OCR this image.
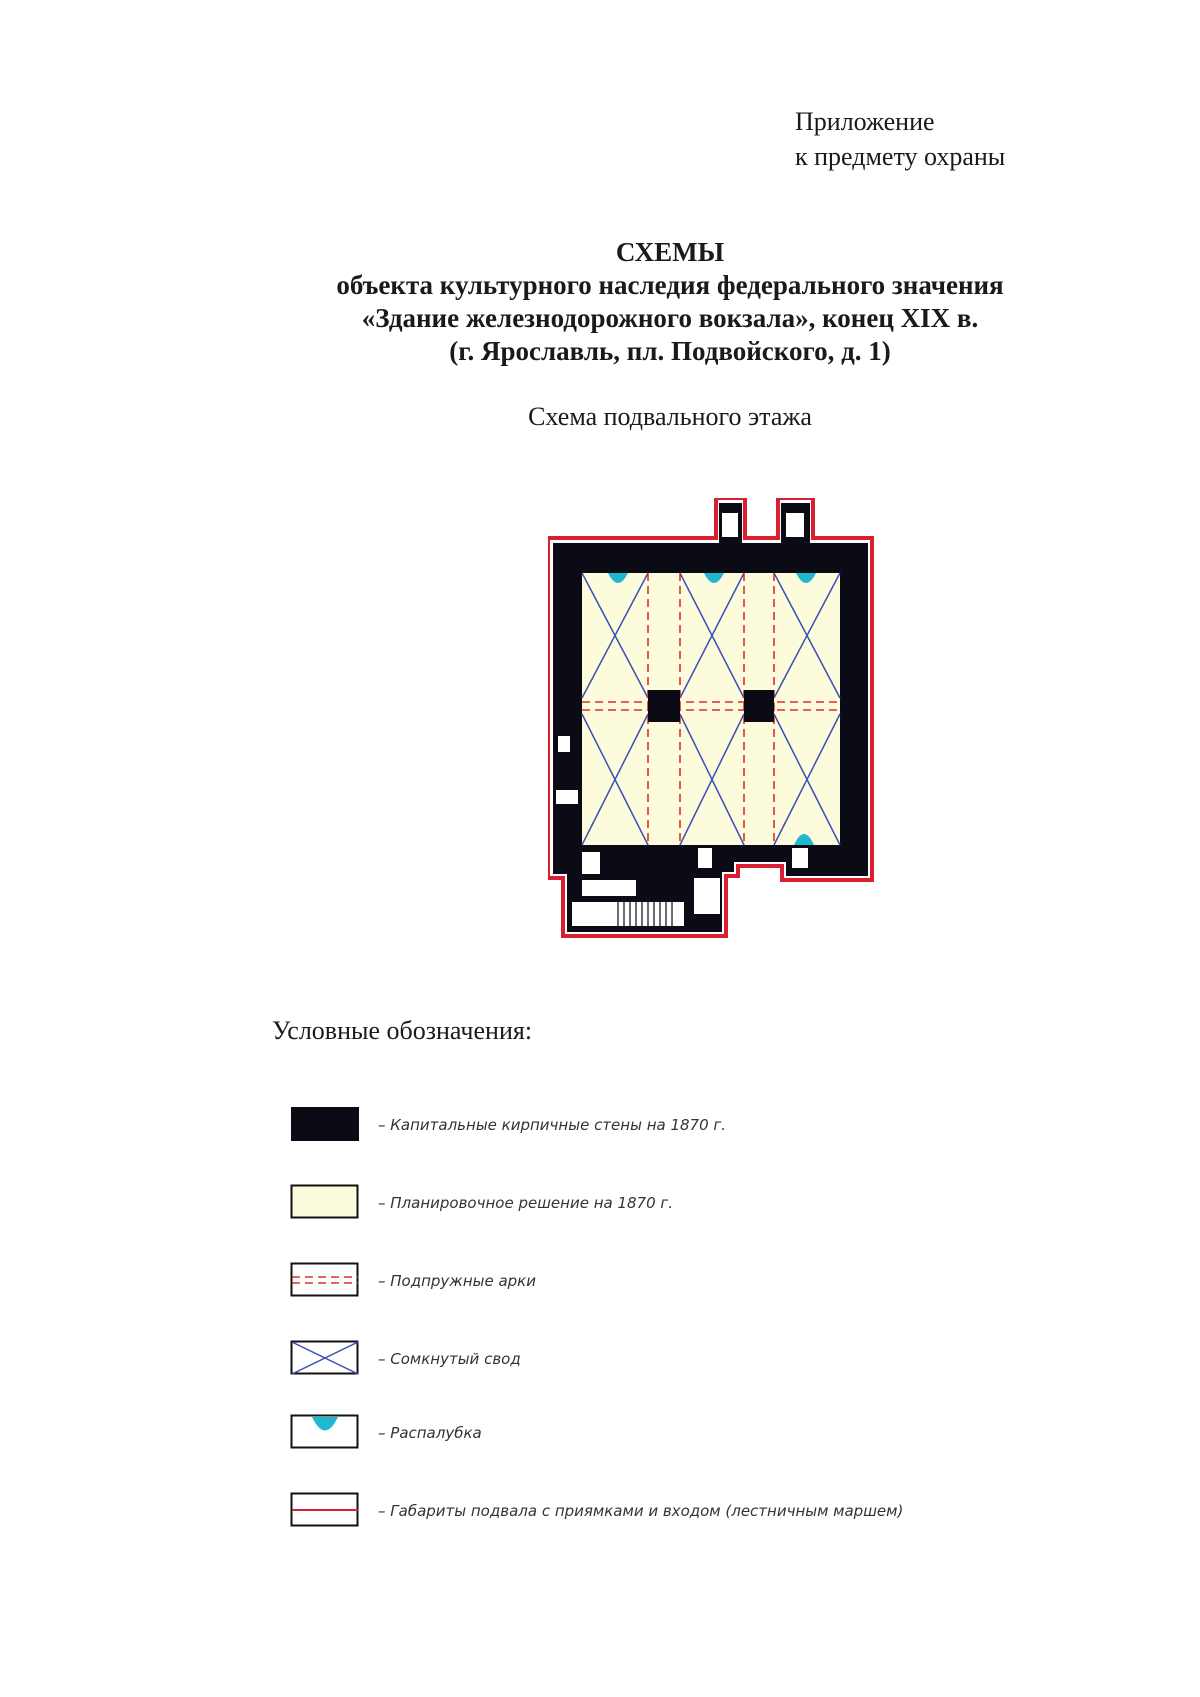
Приложение
к предмету охраны
СХЕМЫ
объекта культурного наследия федерального значения
«Здание железнодорожного вокзала», конец XIX в.
(г. Ярославль, пл. Подвойского, д. 1)
Схема подвального этажа
Условные обозначения:
– Капитальные кирпичные стены на 1870 г.
– Планировочное решение на 1870 г.
– Подпружные арки
– Сомкнутый свод
– Распалубка
– Габариты подвала с приямками и входом (лестничным маршем)
